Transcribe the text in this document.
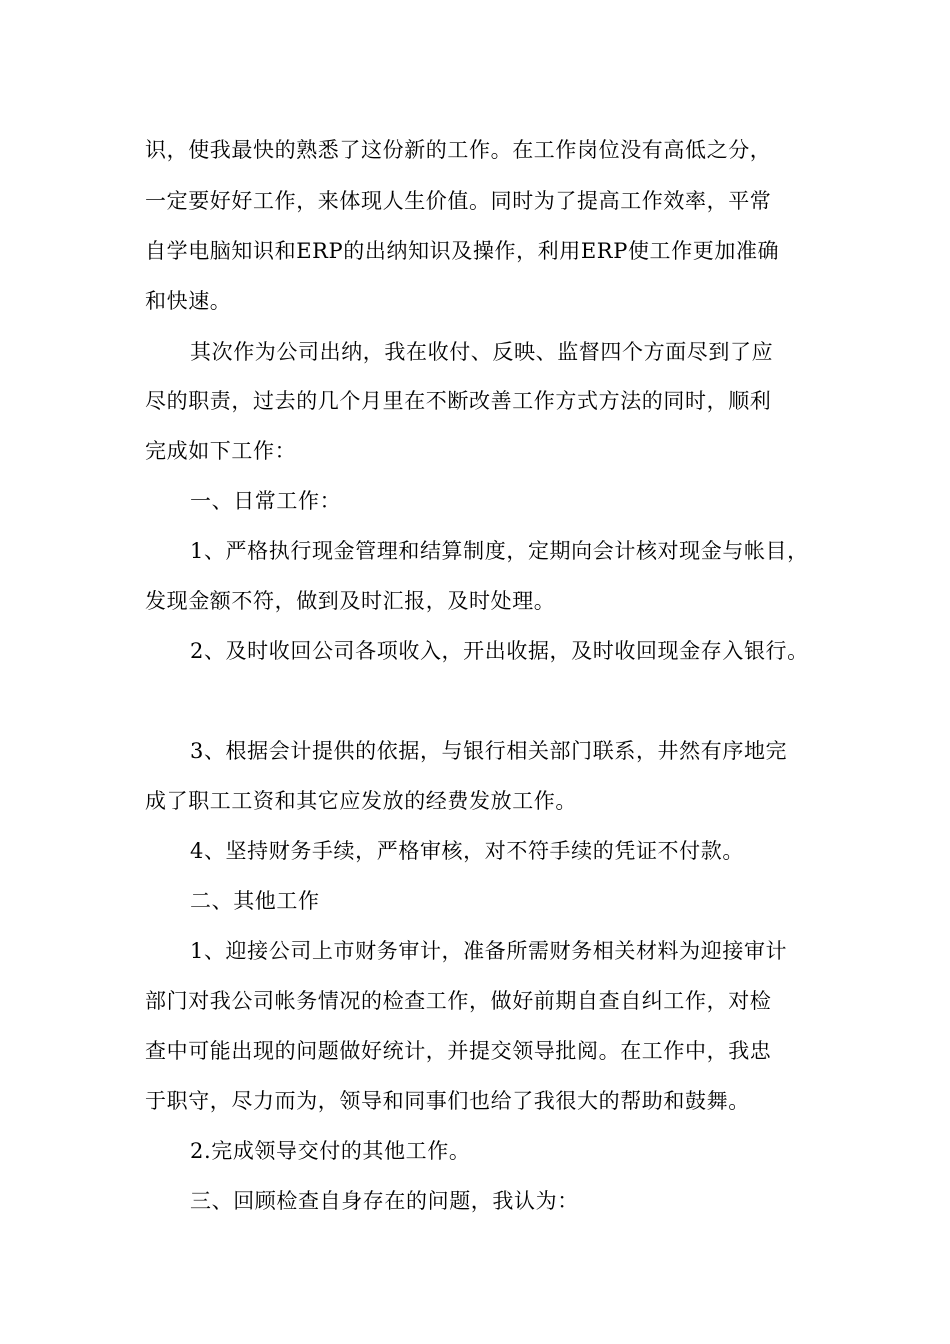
识，使我最快的熟悉了这份新的工作。在工作岗位没有高低之分，

一定要好好工作，来体现人生价值。同时为了提高工作效率，平常

自学电脑知识和ERP的出纳知识及操作，利用ERP使工作更加准确

和快速。

其次作为公司出纳，我在收付、反映、监督四个方面尽到了应

尽的职责，过去的几个月里在不断改善工作方式方法的同时，顺利

完成如下工作：

一、日常工作：

1、严格执行现金管理和结算制度，定期向会计核对现金与帐目，

发现金额不符，做到及时汇报，及时处理。

2、及时收回公司各项收入，开出收据，及时收回现金存入银行。

3、根据会计提供的依据，与银行相关部门联系，井然有序地完

成了职工工资和其它应发放的经费发放工作。

4、坚持财务手续，严格审核，对不符手续的凭证不付款。

二、其他工作

1、迎接公司上市财务审计，准备所需财务相关材料为迎接审计

部门对我公司帐务情况的检查工作，做好前期自查自纠工作，对检

查中可能出现的问题做好统计，并提交领导批阅。在工作中，我忠

于职守，尽力而为，领导和同事们也给了我很大的帮助和鼓舞。

2.完成领导交付的其他工作。

三、回顾检查自身存在的问题，我认为：
